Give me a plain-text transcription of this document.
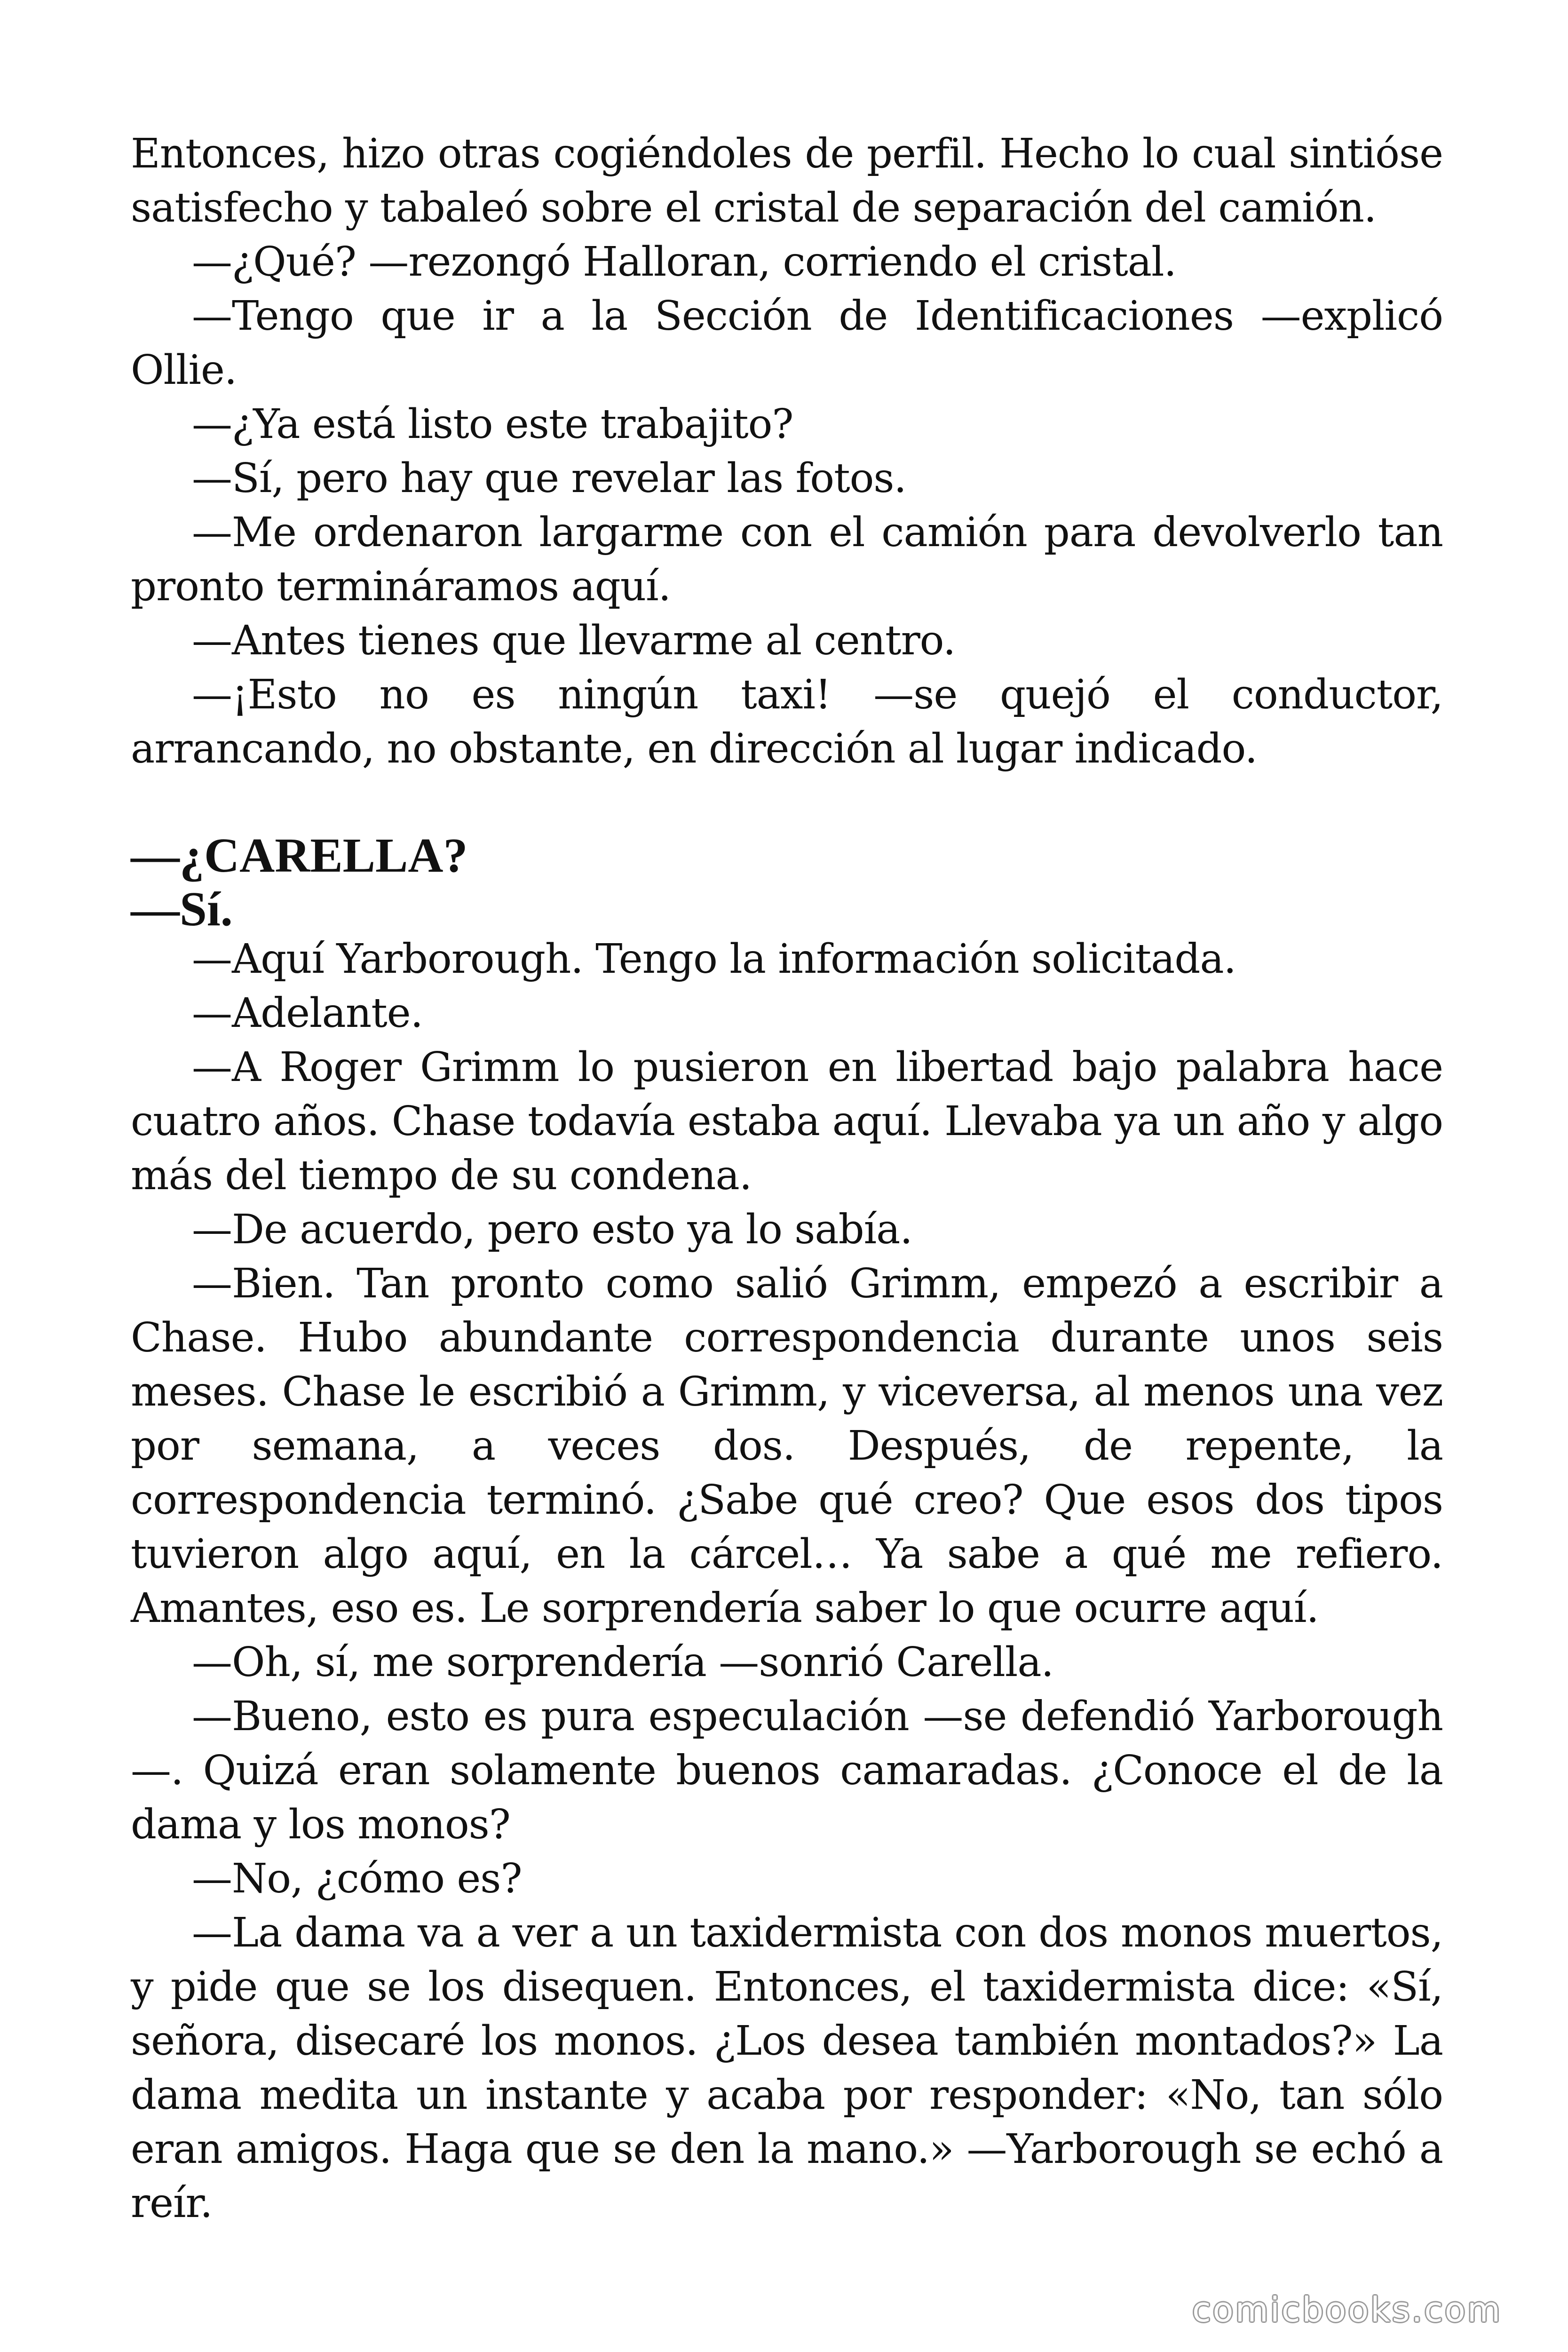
Entonces, hizo otras cogiéndoles de perfil. Hecho lo cual sintióse satisfecho y tabaleó sobre el cristal de separación del camión.

—¿Qué? —rezongó Halloran, corriendo el cristal.

—Tengo que ir a la Sección de Identificaciones —explicó Ollie.

—¿Ya está listo este trabajito?

—Sí, pero hay que revelar las fotos.

—Me ordenaron largarme con el camión para devolverlo tan pronto termináramos aquí.

—Antes tienes que llevarme al centro.

—¡Esto no es ningún taxi! —se quejó el conductor, arrancando, no obstante, en dirección al lugar indicado.

—¿CARELLA?
—Sí.

—Aquí Yarborough. Tengo la información solicitada.

—Adelante.

—A Roger Grimm lo pusieron en libertad bajo palabra hace cuatro años. Chase todavía estaba aquí. Llevaba ya un año y algo más del tiempo de su condena.

—De acuerdo, pero esto ya lo sabía.

—Bien. Tan pronto como salió Grimm, empezó a escribir a Chase. Hubo abundante correspondencia durante unos seis meses. Chase le escribió a Grimm, y viceversa, al menos una vez por semana, a veces dos. Después, de repente, la correspondencia terminó. ¿Sabe qué creo? Que esos dos tipos tuvieron algo aquí, en la cárcel… Ya sabe a qué me refiero. Amantes, eso es. Le sorprendería saber lo que ocurre aquí.

—Oh, sí, me sorprendería —sonrió Carella.

—Bueno, esto es pura especulación —se defendió Yarborough—. Quizá eran solamente buenos camaradas. ¿Conoce el de la dama y los monos?

—No, ¿cómo es?

—La dama va a ver a un taxidermista con dos monos muertos, y pide que se los disequen. Entonces, el taxidermista dice: «Sí, señora, disecaré los monos. ¿Los desea también montados?» La dama medita un instante y acaba por responder: «No, tan sólo eran amigos. Haga que se den la mano.» —Yarborough se echó a reír.

comicbooks.com
